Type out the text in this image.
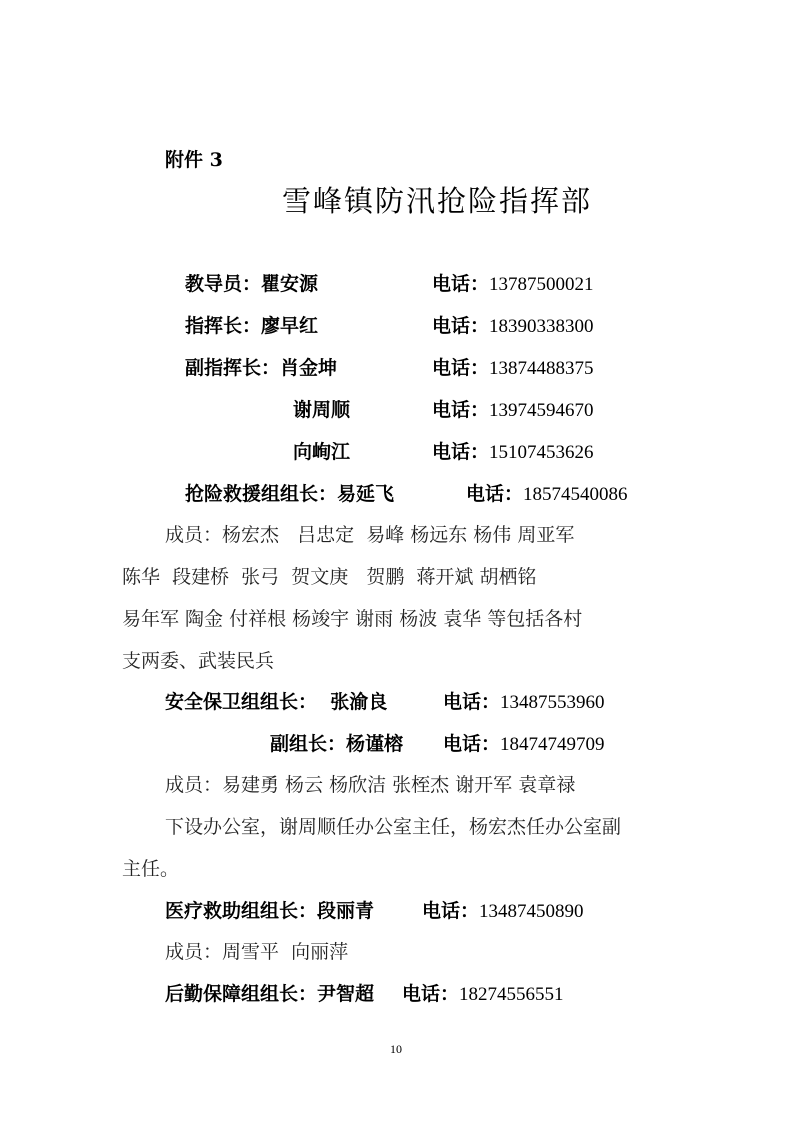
附件 3
雪峰镇防汛抢险指挥部
教导员：瞿安源	电话：13787500021
指挥长：廖早红	电话：18390338300
副指挥长：肖金坤	电话：13874488375
谢周顺	电话：13974594670
向峋江	电话：15107453626
抢险救援组组长：易延飞	电话：18574540086
成员：杨宏杰   吕忠定  易峰 杨远东 杨伟 周亚军
陈华  段建桥  张弓  贺文庚   贺鹏  蒋开斌 胡栖铭
易年军 陶金 付祥根 杨竣宇 谢雨 杨波 袁华 等包括各村
支两委、武装民兵
安全保卫组组长：  张渝良	电话：13487553960
副组长：杨谨榕 电话：18474749709
成员：易建勇 杨云 杨欣洁 张桎杰 谢开军 袁章禄
下设办公室，谢周顺任办公室主任，杨宏杰任办公室副
主任。
医疗救助组组长：段丽青	电话：13487450890
成员：周雪平  向丽萍
后勤保障组组长：尹智超 电话：18274556551
10
